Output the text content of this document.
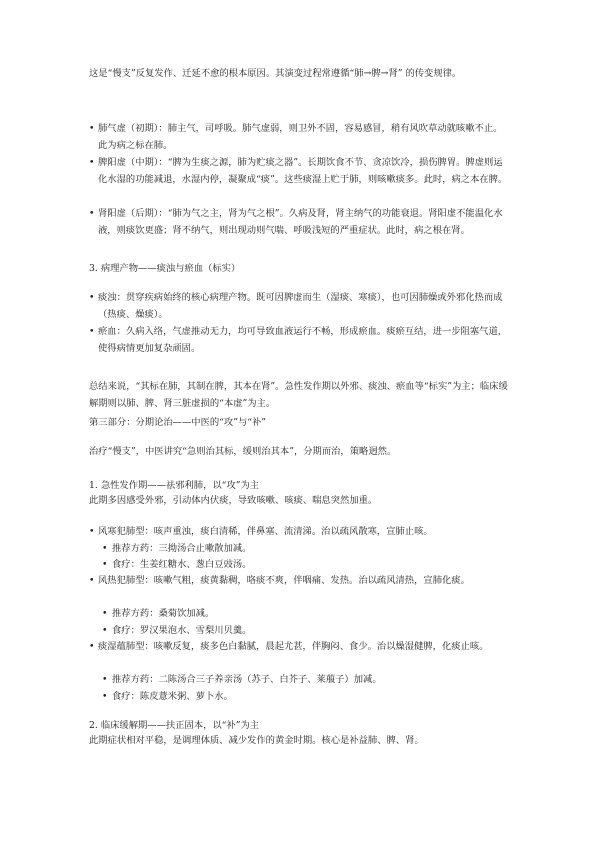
这是“慢支”反复发作、迁延不愈的根本原因。其演变过程常遵循“肺→脾→肾” 的传变规律。

• 肺气虚（初期）：肺主气，司呼吸。肺气虚弱，则卫外不固，容易感冒，稍有风吹草动就咳嗽不止。此为病之标在肺。

• 脾阳虚（中期）：“脾为生痰之源，肺为贮痰之器”。长期饮食不节、贪凉饮冷，损伤脾胃。脾虚则运化水湿的功能减退，水湿内停，凝聚成“痰”。这些痰湿上贮于肺，则咳嗽痰多。此时，病之本在脾。

• 肾阳虚（后期）：“肺为气之主，肾为气之根”。久病及肾，肾主纳气的功能衰退。肾阳虚不能温化水液，则痰饮更盛；肾不纳气，则出现动则气喘、呼吸浅短的严重症状。此时，病之根在肾。

3. 病理产物——痰浊与瘀血（标实）

• 痰浊：贯穿疾病始终的核心病理产物。既可因脾虚而生（湿痰、寒痰），也可因肺燥或外邪化热而成（热痰、燥痰）。

• 瘀血：久病入络，气虚推动无力，均可导致血液运行不畅，形成瘀血。痰瘀互结，进一步阻塞气道，使得病情更加复杂顽固。

总结来说，“其标在肺，其制在脾，其本在肾”。急性发作期以外邪、痰浊、瘀血等“标实”为主；临床缓解期则以肺、脾、肾三脏虚损的“本虚”为主。

第三部分：分期论治——中医的“攻”与“补”

治疗“慢支”，中医讲究“急则治其标，缓则治其本”，分期而治，策略迥然。

1. 急性发作期——祛邪利肺，以“攻”为主

此期多因感受外邪，引动体内伏痰，导致咳嗽、咳痰、喘息突然加重。

• 风寒犯肺型：咳声重浊，痰白清稀，伴鼻塞、流清涕。治以疏风散寒，宣肺止咳。

• 推荐方药：三拗汤合止嗽散加减。

• 食疗：生姜红糖水、葱白豆豉汤。

• 风热犯肺型：咳嗽气粗，痰黄黏稠，咯痰不爽，伴咽痛、发热。治以疏风清热，宣肺化痰。

• 推荐方药：桑菊饮加减。

• 食疗：罗汉果泡水、雪梨川贝羹。

• 痰湿蕴肺型：咳嗽反复，痰多色白黏腻，晨起尤甚，伴胸闷、食少。治以燥湿健脾，化痰止咳。

• 推荐方药：二陈汤合三子养亲汤（苏子、白芥子、莱菔子）加减。

• 食疗：陈皮薏米粥、萝卜水。

2. 临床缓解期——扶正固本，以“补”为主

此期症状相对平稳，是调理体质、减少发作的黄金时期。核心是补益肺、脾、肾。
